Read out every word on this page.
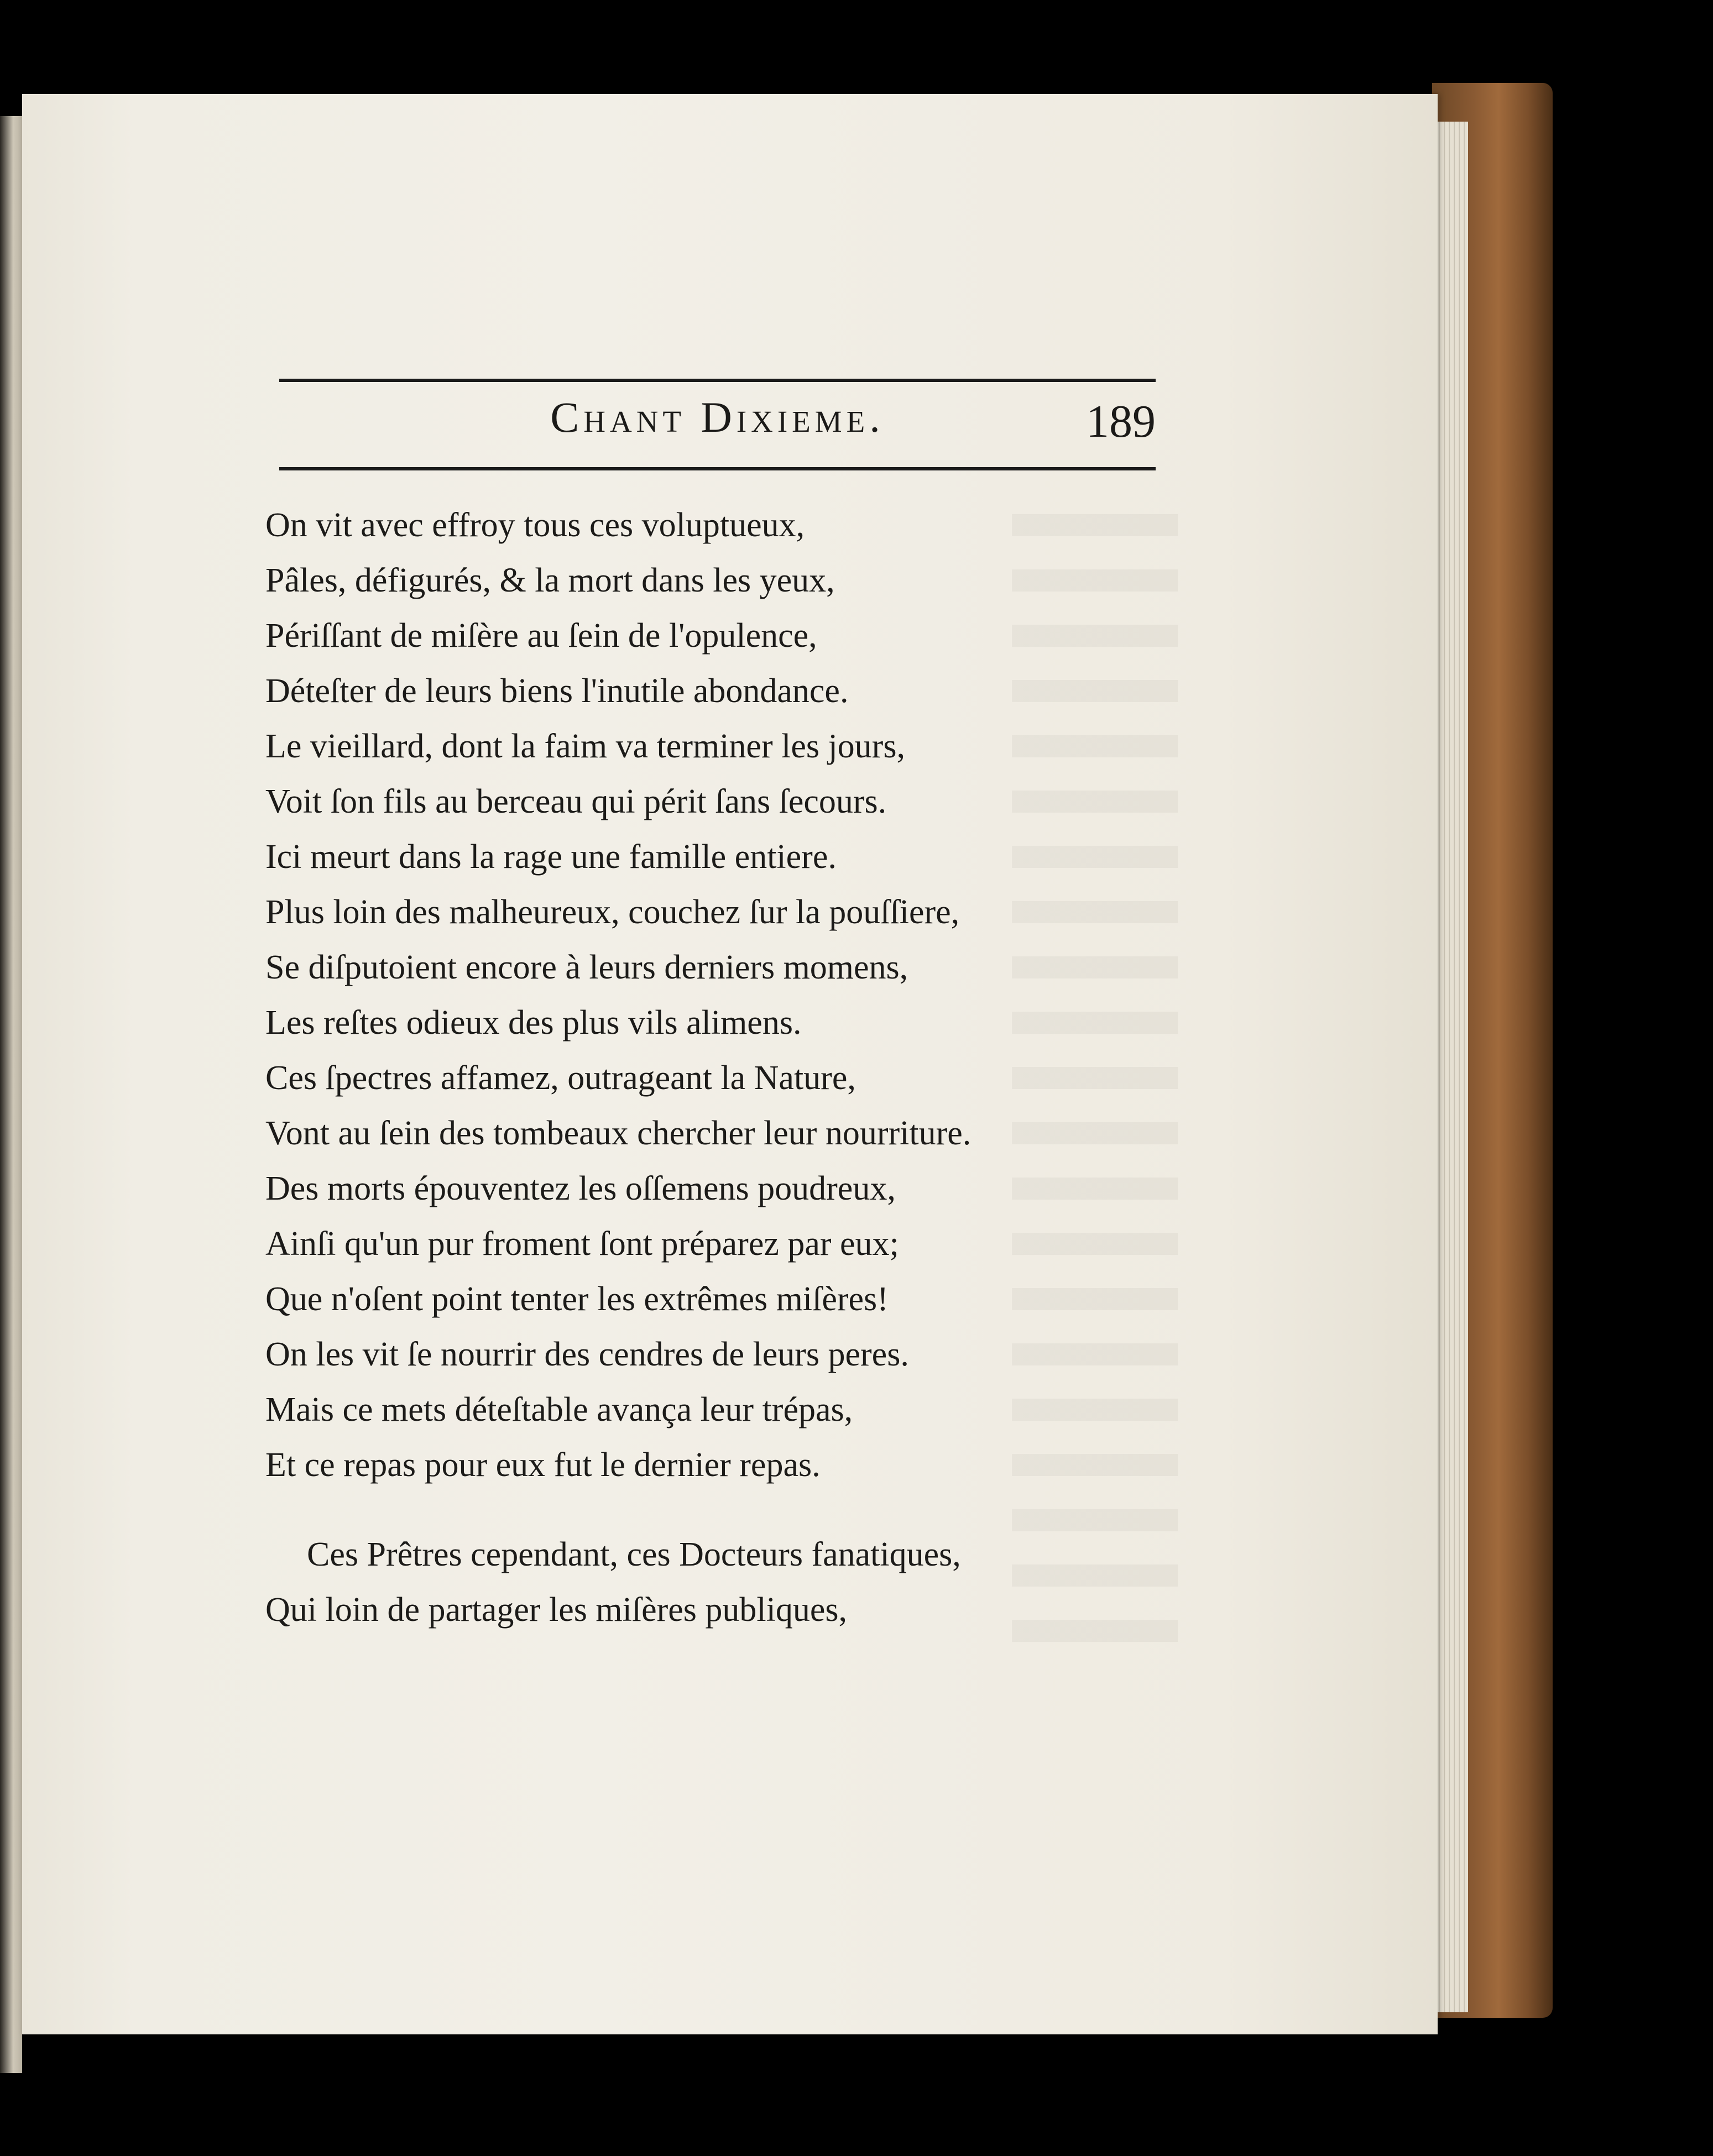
Chant Dixieme.	189
On vit avec effroy tous ces voluptueux,
Pâles, défigurés, & la mort dans les yeux,
Périſſant de miſère au ſein de l'opulence,
Déteſter de leurs biens l'inutile abondance.
Le vieillard, dont la faim va terminer les jours,
Voit ſon fils au berceau qui périt ſans ſecours.
Ici meurt dans la rage une famille entiere.
Plus loin des malheureux, couchez ſur la pouſſiere,
Se diſputoient encore à leurs derniers momens,
Les reſtes odieux des plus vils alimens.
Ces ſpectres affamez, outrageant la Nature,
Vont au ſein des tombeaux chercher leur nourriture.
Des morts épouventez les oſſemens poudreux,
Ainſi qu'un pur froment ſont préparez par eux;
Que n'oſent point tenter les extrêmes miſères!
On les vit ſe nourrir des cendres de leurs peres.
Mais ce mets déteſtable avança leur trépas,
Et ce repas pour eux fut le dernier repas.
Ces Prêtres cependant, ces Docteurs fanatiques,
Qui loin de partager les miſères publiques,
